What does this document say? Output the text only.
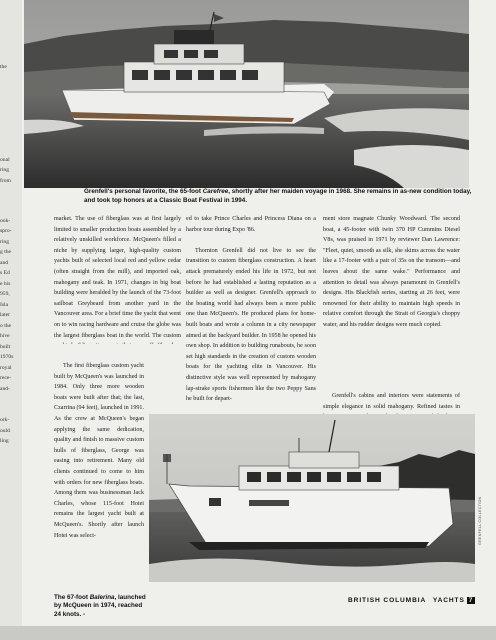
the
onal
ring
from
ook-
spro-
ring
g the
and
s Ed
e his
959,
Isla
later
o the
hive
built
1970s
royal
rece-
and-
ork-
ould
ling
Grenfell's personal favorite, the 65-foot Carefree, shortly after her maiden voyage in 1968. She remains in as-new condition today, and took top honors at a Classic Boat Festival in 1994.

market. The use of fiberglass was at first largely limited to smaller production boats assembled by a relatively unskilled workforce. McQueen's filled a niche by supplying larger, high-quality custom yachts built of selected local red and yellow cedar (often straight from the mill), and imported oak, mahogany and teak. In 1971, changes in big boat building were heralded by the launch of the 73-foot sailboat Greybeard from another yard in the Vancouver area. For a brief time the yacht that went on to win racing hardware and cruise the globe was the largest fiberglass boat in the world. The custom

The first fiberglass custom yacht built by McQueen's was launched in 1984. Only three more wooden boats were built after that; the last, Czarrina (94 feet), launched in 1991. As the crew at McQueen's began applying the same dedication, quality and finish to massive custom hulls of fiberglass, George was easing into retirement. Many old clients continued to come to him with orders for new fiberglass boats. Among them was businessman Jack Charles, whose 115-foot Hotei remains the largest yacht built at McQueen's. Shortly after launch Hotei was select-

ed to take Prince Charles and Princess Diana on a harbor tour during Expo '86.

Thornton Grenfell did not live to see the transition to custom fiberglass construction. A heart attack prematurely ended his life in 1972, but not before he had established a lasting reputation as a builder as well as designer. Grenfell's approach to the boating world had always been a more public one than McQueen's. He produced plans for home-built boats and wrote a column in a city newspaper aimed at the backyard builder. In 1958 he opened his own shop. In addition to building runabouts, he soon set high standards in the creation of custom wooden boats for the yachting elite in Vancouver. His distinctive style was well represented by mahogany lap-strake sports fishermen like the two Peppy Sans he built for depart-

ment store magnate Chunky Woodward. The second boat, a 45-footer with twin 370 HP Cummins Diesel V8s, was praised in 1971 by reviewer Dan Lawrence: "Fleet, quiet, smooth as silk, she skims across the water like a 17-footer with a pair of 35s on the transom—and leaves about the same wake." Performance and attention to detail was always paramount in Grenfell's designs. His Blackfish series, starting at 26 feet, were renowned for their ability to maintain high speeds in relative comfort through the Strait of Georgia's choppy water, and his rudder designs were much copied.

Grenfell's cabins and interiors were statements of simple elegance in solid mahogany. Refined tastes in

GRENFELL COLLECTION
The 67-foot Balerina, launched by McQueen in 1974, reached 24 knots. -
BRITISH COLUMBIA YACHTS 7
